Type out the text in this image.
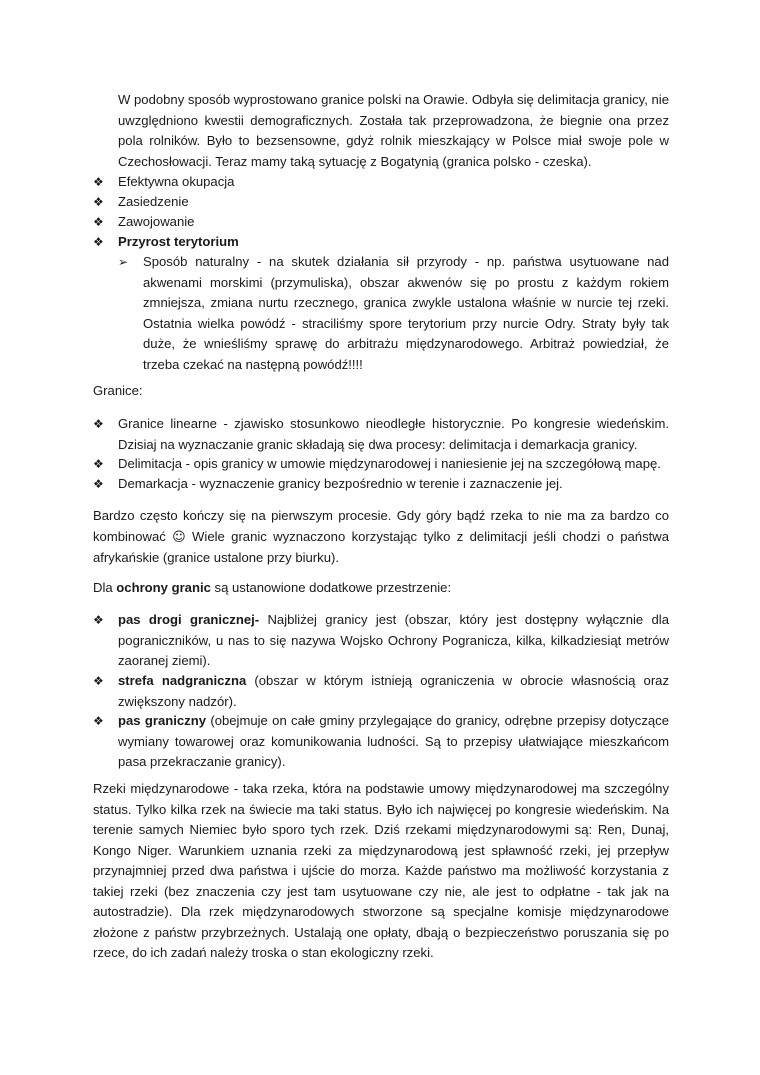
W podobny sposób wyprostowano granice polski na Orawie. Odbyła się delimitacja granicy, nie uwzględniono kwestii demograficznych. Została tak przeprowadzona, że biegnie ona przez pola rolników. Było to bezsensowne, gdyż rolnik mieszkający w Polsce miał swoje pole w Czechosłowacji. Teraz mamy taką sytuację z Bogatynią (granica polsko - czeska).

❖	Efektywna okupacja

❖	Zasiedzenie

❖	Zawojowanie

❖	Przyrost terytorium

➢ Sposób naturalny - na skutek działania sił przyrody - np. państwa usytuowane nad akwenami morskimi (przymuliska), obszar akwenów się po prostu z każdym rokiem zmniejsza, zmiana nurtu rzecznego, granica zwykle ustalona właśnie w nurcie tej rzeki. Ostatnia wielka powódź - straciliśmy spore terytorium przy nurcie Odry. Straty były tak duże, że wnieśliśmy sprawę do arbitrażu międzynarodowego. Arbitraż powiedział, że trzeba czekać na następną powódź!!!!

Granice:

❖	Granice linearne - zjawisko stosunkowo nieodległe historycznie. Po kongresie wiedeńskim. Dzisiaj na wyznaczanie granic składają się dwa procesy: delimitacja i demarkacja granicy.

❖	Delimitacja - opis granicy w umowie międzynarodowej i naniesienie jej na szczegółową mapę.

❖	Demarkacja - wyznaczenie granicy bezpośrednio w terenie i zaznaczenie jej.

Bardzo często kończy się na pierwszym procesie. Gdy góry bądź rzeka to nie ma za bardzo co kombinować ☺ Wiele granic wyznaczono korzystając tylko z delimitacji jeśli chodzi o państwa afrykańskie (granice ustalone przy biurku).

Dla ochrony granic są ustanowione dodatkowe przestrzenie:

❖	pas drogi granicznej- Najbliżej granicy jest (obszar, który jest dostępny wyłącznie dla pograniczników, u nas to się nazywa Wojsko Ochrony Pogranicza, kilka, kilkadziesiąt metrów zaoranej ziemi).

❖	strefa nadgraniczna (obszar w którym istnieją ograniczenia w obrocie własnością oraz zwiększony nadzór).

❖	pas graniczny (obejmuje on całe gminy przylegające do granicy, odrębne przepisy dotyczące wymiany towarowej oraz komunikowania ludności. Są to przepisy ułatwiające mieszkańcom pasa przekraczanie granicy).

Rzeki międzynarodowe - taka rzeka, która na podstawie umowy międzynarodowej ma szczególny status. Tylko kilka rzek na świecie ma taki status. Było ich najwięcej po kongresie wiedeńskim. Na terenie samych Niemiec było sporo tych rzek. Dziś rzekami międzynarodowymi są: Ren, Dunaj, Kongo Niger. Warunkiem uznania rzeki za międzynarodową jest spławność rzeki, jej przepływ przynajmniej przed dwa państwa i ujście do morza. Każde państwo ma możliwość korzystania z takiej rzeki (bez znaczenia czy jest tam usytuowane czy nie, ale jest to odpłatne - tak jak na autostradzie). Dla rzek międzynarodowych stworzone są specjalne komisje międzynarodowe złożone z państw przybrzeżnych. Ustalają one opłaty, dbają o bezpieczeństwo poruszania się po rzece, do ich zadań należy troska o stan ekologiczny rzeki.
